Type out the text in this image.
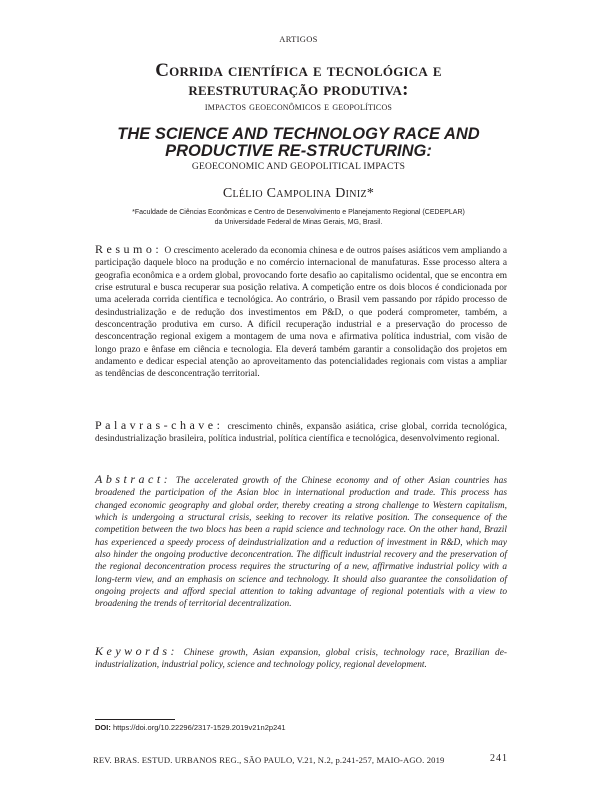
ARTIGOS
Corrida científica e tecnológica e
reestruturação produtiva:
impactos geoeconômicos e geopolíticos
THE SCIENCE AND TECHNOLOGY RACE AND
PRODUCTIVE RE-STRUCTURING:
GEOECONOMIC AND GEOPOLITICAL IMPACTS
Clélio Campolina Diniz*
*Faculdade de Ciências Econômicas e Centro de Desenvolvimento e Planejamento Regional (CEDEPLAR)
da Universidade Federal de Minas Gerais, MG, Brasil.
Resumo: O crescimento acelerado da economia chinesa e de outros países asiáticos vem ampliando a participação daquele bloco na produção e no comércio internacional de manufaturas. Esse processo altera a geografia econômica e a ordem global, provocando forte desafio ao capitalismo ocidental, que se encontra em crise estrutural e busca recuperar sua posição relativa. A competição entre os dois blocos é condicionada por uma acelerada corrida científica e tecnológica. Ao contrário, o Brasil vem passando por rápido processo de desindustrialização e de redução dos investimentos em P&D, o que poderá comprometer, também, a desconcentração produtiva em curso. A difícil recuperação industrial e a preservação do processo de desconcentração regional exigem a montagem de uma nova e afirmativa política industrial, com visão de longo prazo e ênfase em ciência e tecnologia. Ela deverá também garantir a consolidação dos projetos em andamento e dedicar especial atenção ao aproveitamento das potencialidades regionais com vistas a ampliar as tendências de desconcentração territorial.
Palavras-chave: crescimento chinês, expansão asiática, crise global, corrida tecnológica, desindustrialização brasileira, política industrial, política científica e tecnológica, desenvolvimento regional.
Abstract: The accelerated growth of the Chinese economy and of other Asian countries has broadened the participation of the Asian bloc in international production and trade. This process has changed economic geography and global order, thereby creating a strong challenge to Western capitalism, which is undergoing a structural crisis, seeking to recover its relative position. The consequence of the competition between the two blocs has been a rapid science and technology race. On the other hand, Brazil has experienced a speedy process of deindustrialization and a reduction of investment in R&D, which may also hinder the ongoing productive deconcentration. The difficult industrial recovery and the preservation of the regional deconcentration process requires the structuring of a new, affirmative industrial policy with a long-term view, and an emphasis on science and technology. It should also guarantee the consolidation of ongoing projects and afford special attention to taking advantage of regional potentials with a view to broadening the trends of territorial decentralization.
Keywords: Chinese growth, Asian expansion, global crisis, technology race, Brazilian de-industrialization, industrial policy, science and technology policy, regional development.
DOI: https://doi.org/10.22296/2317-1529.2019v21n2p241
REV. BRAS. ESTUD. URBANOS REG., SÃO PAULO, V.21, N.2, p.241-257, MAIO-AGO. 2019	241
